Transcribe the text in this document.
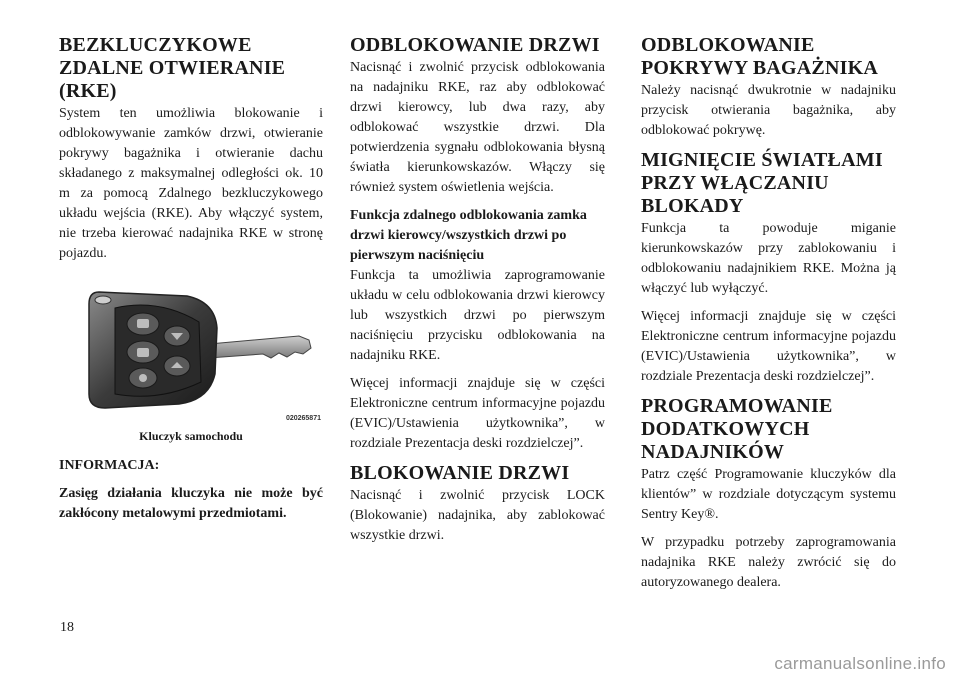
BEZKLUCZYKOWE ZDALNE OTWIERANIE (RKE)

System ten umożliwia blokowanie i odblokowywanie zamków drzwi, otwieranie pokrywy bagażnika i otwieranie dachu składanego z maksymalnej odległości ok. 10 m za pomocą Zdalnego bezkluczykowego układu wejścia (RKE). Aby włączyć system, nie trzeba kierować nadajnika RKE w stronę pojazdu.

020265871
Kluczyk samochodu
INFORMACJA:

Zasięg działania kluczyka nie może być zakłócony metalowymi przedmiotami.

ODBLOKOWANIE DRZWI

Nacisnąć i zwolnić przycisk odblokowania na nadajniku RKE, raz aby odblokować drzwi kierowcy, lub dwa razy, aby odblokować wszystkie drzwi. Dla potwierdzenia sygnału odblokowania błysną światła kierunkowskazów. Włączy się również system oświetlenia wejścia.

Funkcja zdalnego odblokowania zamka drzwi kierowcy/wszystkich drzwi po pierwszym naciśnięciu

Funkcja ta umożliwia zaprogramowanie układu w celu odblokowania drzwi kierowcy lub wszystkich drzwi po pierwszym naciśnięciu przycisku odblokowania na nadajniku RKE.

Więcej informacji znajduje się w części Elektroniczne centrum informacyjne pojazdu (EVIC)/Ustawienia użytkownika”, w rozdziale Prezentacja deski rozdzielczej”.

BLOKOWANIE DRZWI

Nacisnąć i zwolnić przycisk LOCK (Blokowanie) nadajnika, aby zablokować wszystkie drzwi.

ODBLOKOWANIE POKRYWY BAGAŻNIKA

Należy nacisnąć dwukrotnie w nadajniku przycisk otwierania bagażnika, aby odblokować pokrywę.

MIGNIĘCIE ŚWIATŁAMI PRZY WŁĄCZANIU BLOKADY

Funkcja ta powoduje miganie kierunkowskazów przy zablokowaniu i odblokowaniu nadajnikiem RKE. Można ją włączyć lub wyłączyć.

Więcej informacji znajduje się w części Elektroniczne centrum informacyjne pojazdu (EVIC)/Ustawienia użytkownika”, w rozdziale Prezentacja deski rozdzielczej”.

PROGRAMOWANIE DODATKOWYCH NADAJNIKÓW

Patrz część Programowanie kluczyków dla klientów” w rozdziale dotyczącym systemu Sentry Key®.

W przypadku potrzeby zaprogramowania nadajnika RKE należy zwrócić się do autoryzowanego dealera.

18
carmanualsonline.info
